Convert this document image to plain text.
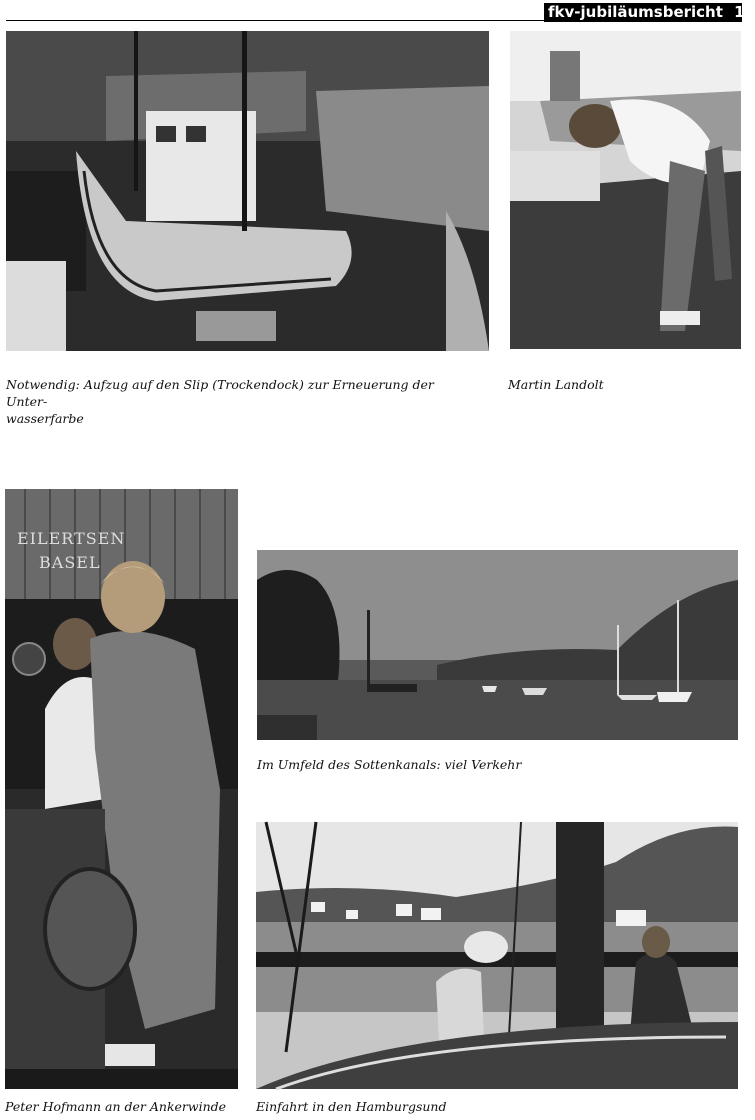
fkv-jubiläumsbericht 15
Notwendig: Aufzug auf den Slip (Trockendock) zur Erneuerung der Unter-
wasserfarbe
Martin Landolt
EILERTSEN
BASEL
Im Umfeld des Sottenkanals: viel Verkehr
Peter Hofmann an der Ankerwinde	Einfahrt in den Hamburgsund
